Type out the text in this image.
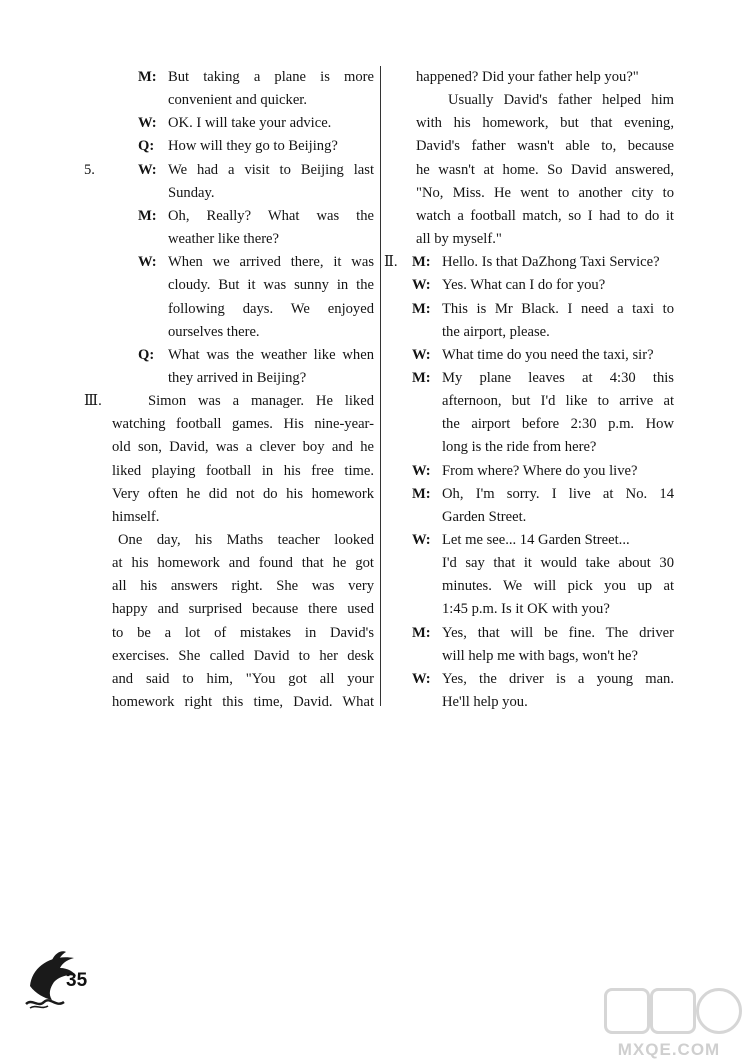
M: But taking a plane is more
convenient and quicker.
W: OK. I will take your advice.
Q: How will they go to Beijing?
5.	W: We had a visit to Beijing last
Sunday.
M: Oh, Really? What was the
weather like there?
W: When we arrived there, it was
cloudy. But it was sunny in the
following days. We enjoyed
ourselves there.
Q: What was the weather like when
they arrived in Beijing?
Ⅲ.	Simon was a manager. He liked
watching football games. His nine-year-
old son, David, was a clever boy and he
liked playing football in his free time.
Very often he did not do his homework
himself.
One day, his Maths teacher looked
at his homework and found that he got
all his answers right. She was very
happy and surprised because there used
to be a lot of mistakes in David's
exercises. She called David to her desk
and said to him, "You got all your
homework right this time, David. What
happened? Did your father help you?"
Usually David's father helped him
with his homework, but that evening,
David's father wasn't able to, because
he wasn't at home. So David answered,
"No, Miss. He went to another city to
watch a football match, so I had to do it
all by myself."
Ⅱ. M: Hello. Is that DaZhong Taxi Service?
W: Yes. What can I do for you?
M: This is Mr Black. I need a taxi to
the airport, please.
W: What time do you need the taxi, sir?
M: My plane leaves at 4:30 this
afternoon, but I'd like to arrive at
the airport before 2:30 p.m. How
long is the ride from here?
W: From where? Where do you live?
M: Oh, I'm sorry. I live at No. 14
Garden Street.
W: Let me see... 14 Garden Street...
I'd say that it would take about 30
minutes. We will pick you up at
1:45 p.m. Is it OK with you?
M: Yes, that will be fine. The driver
will help me with bags, won't he?
W: Yes, the driver is a young man.
He'll help you.
35
MXQE.COM
